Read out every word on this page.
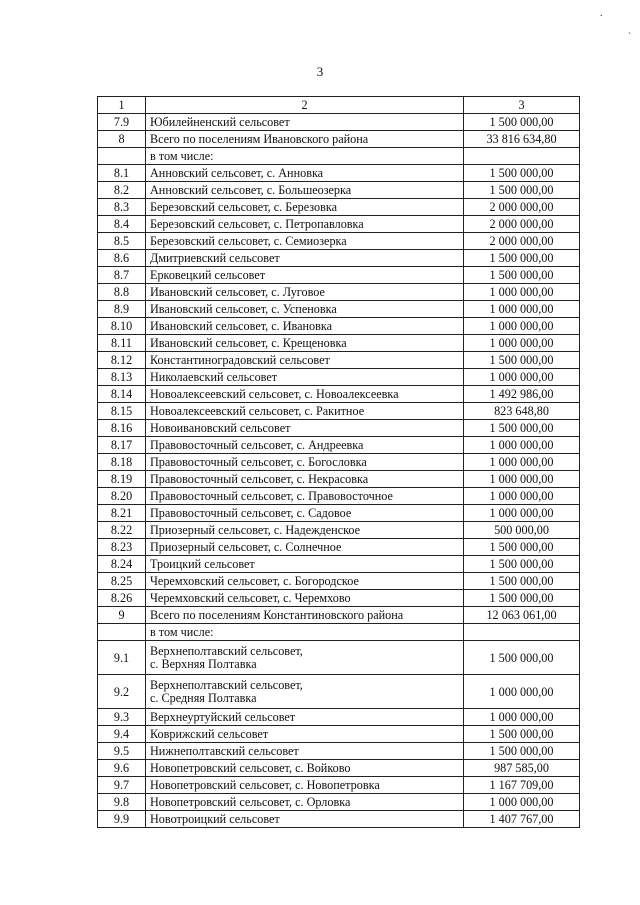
.
ˎ
3
1	2	3
7.9	Юбилейненский сельсовет	1 500 000,00
8	Всего по поселениям Ивановского района	33 816 634,80
	в том числе:	
8.1	Анновский сельсовет, с. Анновка	1 500 000,00
8.2	Анновский сельсовет, с. Большеозерка	1 500 000,00
8.3	Березовский сельсовет, с. Березовка	2 000 000,00
8.4	Березовский сельсовет, с. Петропавловка	2 000 000,00
8.5	Березовский сельсовет, с. Семиозерка	2 000 000,00
8.6	Дмитриевский сельсовет	1 500 000,00
8.7	Ерковецкий сельсовет	1 500 000,00
8.8	Ивановский сельсовет, с. Луговое	1 000 000,00
8.9	Ивановский сельсовет, с. Успеновка	1 000 000,00
8.10	Ивановский сельсовет, с. Ивановка	1 000 000,00
8.11	Ивановский сельсовет, с. Крещеновка	1 000 000,00
8.12	Константиноградовский сельсовет	1 500 000,00
8.13	Николаевский сельсовет	1 000 000,00
8.14	Новоалексеевский сельсовет, с. Новоалексеевка	1 492 986,00
8.15	Новоалексеевский сельсовет, с. Ракитное	823 648,80
8.16	Новоивановский сельсовет	1 500 000,00
8.17	Правовосточный сельсовет, с. Андреевка	1 000 000,00
8.18	Правовосточный сельсовет, с. Богословка	1 000 000,00
8.19	Правовосточный сельсовет, с. Некрасовка	1 000 000,00
8.20	Правовосточный сельсовет, с. Правовосточное	1 000 000,00
8.21	Правовосточный сельсовет, с. Садовое	1 000 000,00
8.22	Приозерный сельсовет, с. Надежденское	500 000,00
8.23	Приозерный сельсовет, с. Солнечное	1 500 000,00
8.24	Троицкий сельсовет	1 500 000,00
8.25	Черемховский сельсовет, с. Богородское	1 500 000,00
8.26	Черемховский сельсовет, с. Черемхово	1 500 000,00
9	Всего по поселениям Константиновского района	12 063 061,00
	в том числе:	
9.1	Верхнеполтавский сельсовет,
с. Верхняя Полтавка	1 500 000,00
9.2	Верхнеполтавский сельсовет,
с. Средняя Полтавка	1 000 000,00
9.3	Верхнеуртуйский сельсовет	1 000 000,00
9.4	Коврижский сельсовет	1 500 000,00
9.5	Нижнеполтавский сельсовет	1 500 000,00
9.6	Новопетровский сельсовет, с. Войково	987 585,00
9.7	Новопетровский сельсовет, с. Новопетровка	1 167 709,00
9.8	Новопетровский сельсовет, с. Орловка	1 000 000,00
9.9	Новотроицкий сельсовет	1 407 767,00
